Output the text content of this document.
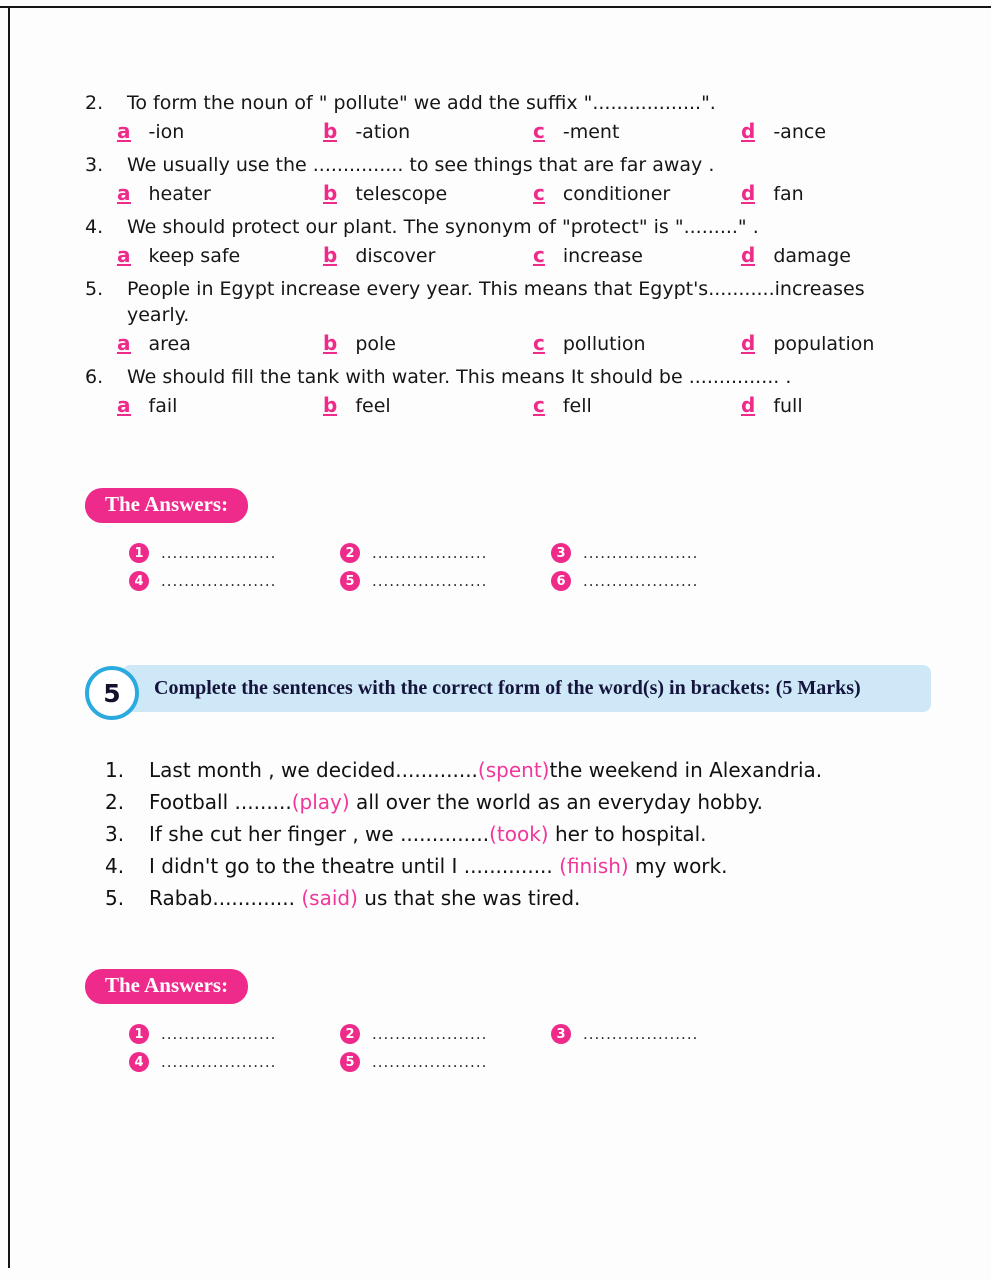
2.	To form the noun of " pollute" we add the suffix "..................".
a -ion	b -ation	c -ment	d -ance
3.	We usually use the ............... to see things that are far away .
a heater	b telescope	c conditioner	d fan
4.	We should protect our plant. The synonym of "protect" is "........." .
a keep safe	b discover	c increase	d damage
5.	People in Egypt increase every year. This means that Egypt's...........increases yearly.
a area	b pole	c pollution	d population
6.	We should fill the tank with water. This means It should be ............... .
a fail	b feel	c fell	d full
The Answers:
1	....................	2	....................	3	....................
4	....................	5	....................	6	....................
Complete the sentences with the correct form of the word(s) in brackets: (5 Marks)
5
1.	Last month , we decided.............(spent)the weekend in Alexandria.
2.	Football .........(play) all over the world as an everyday hobby.
3.	If she cut her finger , we ..............(took) her to hospital.
4.	I didn't go to the theatre until I .............. (finish) my work.
5.	Rabab............. (said) us that she was tired.
The Answers:
1	....................	2	....................	3	....................
4	....................	5	....................
